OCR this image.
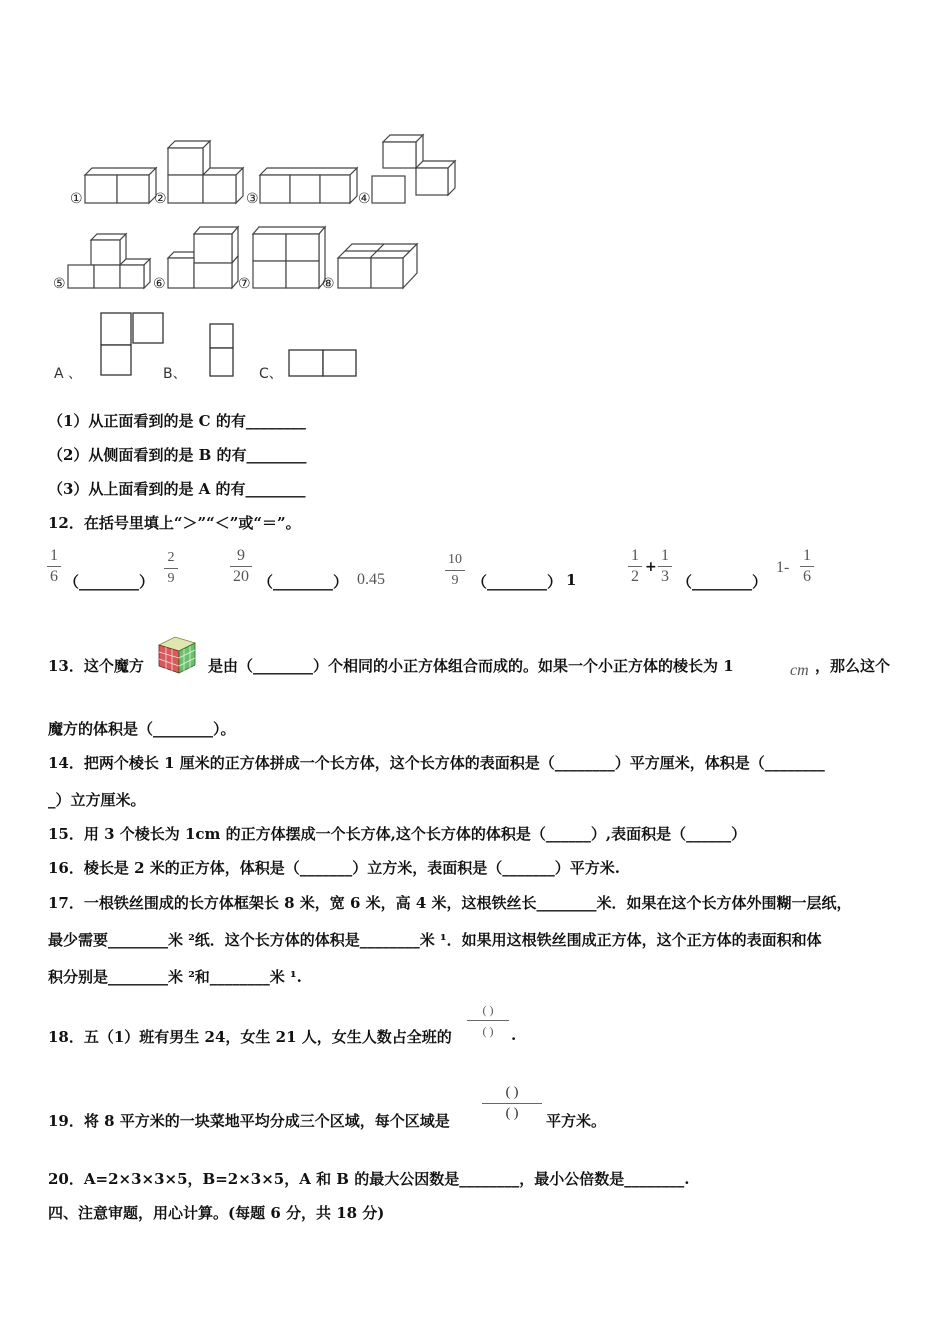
①	②	③	④
⑤	⑥	⑦	⑧
A 、	B、	C、
（1）从正面看到的是 C 的有________
（2）从侧面看到的是 B 的有________
（3）从上面看到的是 A 的有________
12．在括号里填上“＞”“＜”或“＝”。
1
6 （________）
2
9
9
20 （________） 0.45
10
9 （________） 1
1
2
+
1
3 （________）
1-
1
6
13．这个魔方	是由（________）个相同的小正方体组合而成的。如果一个小正方体的棱长为 1	cm ，那么这个
魔方的体积是（________）。
14．把两个棱长 1 厘米的正方体拼成一个长方体，这个长方体的表面积是（________）平方厘米，体积是（________
_）立方厘米。
15．用 3 个棱长为 1cm 的正方体摆成一个长方体,这个长方体的体积是（______）,表面积是（______）
16．棱长是 2 米的正方体，体积是（_______）立方米，表面积是（_______）平方米.
17．一根铁丝围成的长方体框架长 8 米，宽 6 米，高 4 米，这根铁丝长________米．如果在这个长方体外围糊一层纸，
最少需要________米 ²纸．这个长方体的体积是________米 ¹．如果用这根铁丝围成正方体，这个正方体的表面积和体
积分别是________米 ²和________米 ¹.
18．五（1）班有男生 24，女生 21 人，女生人数占全班的
( )
( )	.
19．将 8 平方米的一块菜地平均分成三个区域，每个区域是
( )
( )	平方米。
20．A=2×3×3×5，B=2×3×5，A 和 B 的最大公因数是________，最小公倍数是________.
四、注意审题，用心计算。(每题 6 分，共 18 分)
